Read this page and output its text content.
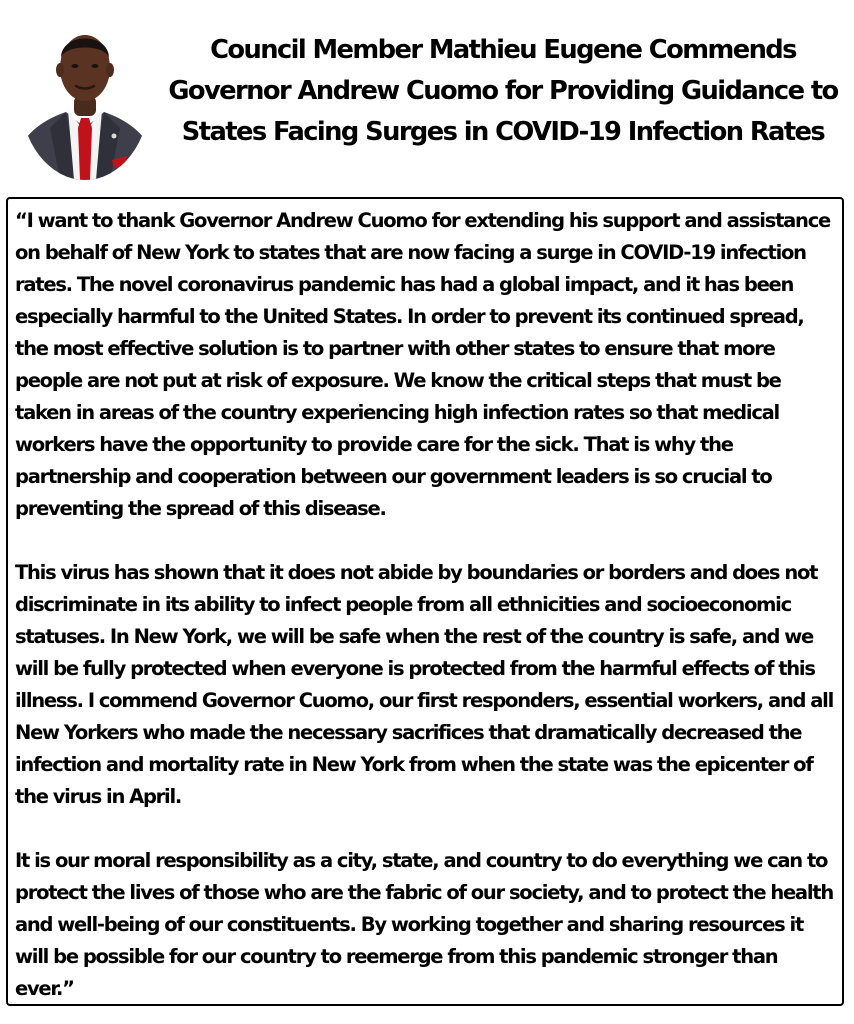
Council Member Mathieu Eugene Commends Governor Andrew Cuomo for Providing Guidance to States Facing Surges in COVID-19 Infection Rates

“I want to thank Governor Andrew Cuomo for extending his support and assistance on behalf of New York to states that are now facing a surge in COVID-19 infection rates. The novel coronavirus pandemic has had a global impact, and it has been especially harmful to the United States. In order to prevent its continued spread, the most effective solution is to partner with other states to ensure that more people are not put at risk of exposure. We know the critical steps that must be taken in areas of the country experiencing high infection rates so that medical workers have the opportunity to provide care for the sick. That is why the partnership and cooperation between our government leaders is so crucial to preventing the spread of this disease.

This virus has shown that it does not abide by boundaries or borders and does not discriminate in its ability to infect people from all ethnicities and socioeconomic statuses. In New York, we will be safe when the rest of the country is safe, and we will be fully protected when everyone is protected from the harmful effects of this illness. I commend Governor Cuomo, our first responders, essential workers, and all New Yorkers who made the necessary sacrifices that dramatically decreased the infection and mortality rate in New York from when the state was the epicenter of the virus in April.

It is our moral responsibility as a city, state, and country to do everything we can to protect the lives of those who are the fabric of our society, and to protect the health and well-being of our constituents. By working together and sharing resources it will be possible for our country to reemerge from this pandemic stronger than ever.”
